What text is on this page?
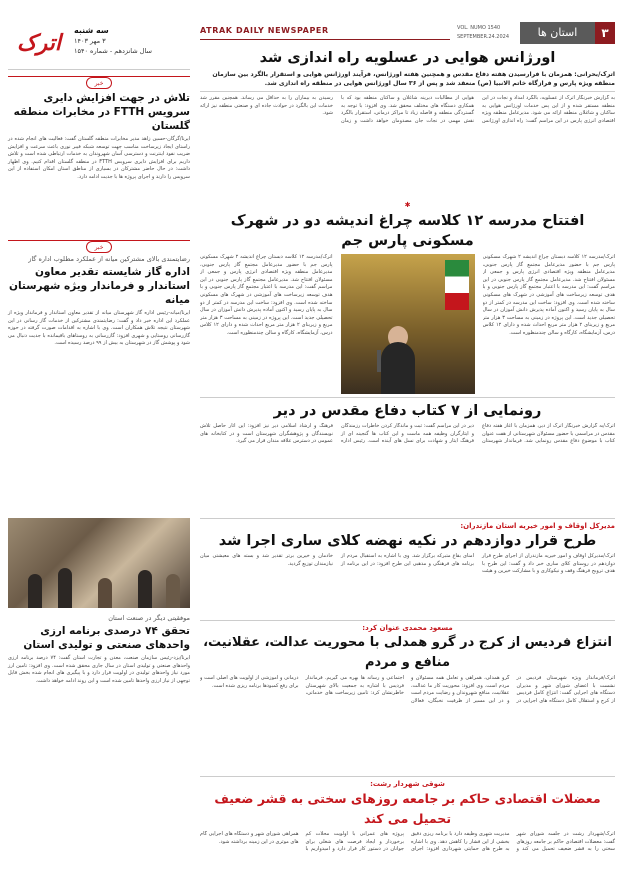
۳
استان ها
VOL. NUMO 1540
SEPTEMBER.24.2024
ATRAK DAILY NEWSPAPER
اترک	سه شنبه
۳ مهر ۱۴۰۳
سال شانزدهم - شماره ۱۵۴۰
خبر
تلاش در جهت افزایش دایری سرویس FTTH در مخابرات منطقه گلستان

ایرنا/گرگان-حسین زاهد مدیر مخابرات منطقه گلستان گفت: فعالیت های انجام شده در راستای ایجاد زیرساخت مناسب جهت توسعه شبکه فیبر نوری باعث سرعت و افزایش ضریب نفوذ اینترنت و دسترسی آسان شهروندان به خدمات ارتباطی شده است و تلاش داریم برای افزایش دایری سرویس FTTH در منطقه گلستان اقدام کنیم. وی اظهار داشت: در حال حاضر مشترکان در بسیاری از مناطق استان امکان استفاده از این سرویس را دارند و اجرای پروژه ها با جدیت ادامه دارد.

خبر
رضایتمندی بالای مشترکین میانه از عملکرد مطلوب اداره گاز
اداره گاز شایسته تقدیر معاون استاندار و فرماندار ویژه شهرستان میانه

ایرنا/میانه-رئیس اداره گاز شهرستان میانه از تقدیر معاون استاندار و فرماندار ویژه از عملکرد این اداره خبر داد و گفت: رضایتمندی مشترکین از خدمات گاز رسانی در این شهرستان نتیجه تلاش همکاران است. وی با اشاره به اقدامات صورت گرفته در حوزه گازرسانی روستایی و شهری افزود: گازرسانی به روستاهای باقیمانده با جدیت دنبال می شود و پوشش گاز در شهرستان به بیش از ۹۹ درصد رسیده است.

موفقیتی دیگر در صنعت استان
تحقق ۷۴ درصدی برنامه ارزی واحدهای صنعتی و تولیدی استان

ایرنا/یزد-رئیس سازمان صنعت، معدن و تجارت استان گفت: ۷۴ درصد برنامه ارزی واحدهای صنعتی و تولیدی استان در سال جاری محقق شده است. وی افزود: تامین ارز مورد نیاز واحدهای تولیدی در اولویت قرار دارد و با پیگیری های انجام شده بخش قابل توجهی از نیاز ارزی واحدها تامین شده است و این روند ادامه خواهد داشت.

اورژانس هوایی در عسلویه راه اندازی شد

اترک/بحرانی: همزمان با فرارسیدن هفته دفاع مقدس و همچنین هفته اورژانس، فرآیند اورژانس هوایی و استقرار بالگرد بین سازمان منطقه ویژه پارس و فرازگاه خاتم الانبیا (ص) منعقد شد و پس از ۳۶ سال اورژانس هوایی در منطقه راه اندازی شد.

به گزارش خبرنگار اترک از عسلویه، بالگرد امداد و نجات در این منطقه مستقر شده و از این پس خدمات اورژانس هوایی به ساکنان و شاغلان منطقه ارائه می شود. مدیرعامل منطقه ویژه اقتصادی انرژی پارس در این مراسم گفت: راه اندازی اورژانس هوایی از مطالبات دیرینه شاغلان و ساکنان منطقه بود که با همکاری دستگاه های مختلف محقق شد. وی افزود: با توجه به گستردگی منطقه و فاصله زیاد تا مراکز درمانی، استقرار بالگرد نقش مهمی در نجات جان مصدومان خواهد داشت و زمان رسیدن به بیماران را به حداقل می رساند. همچنین مقرر شد خدمات این بالگرد در حوادث جاده ای و صنعتی منطقه نیز ارائه شود.

✱
افتتاح مدرسه ۱۲ کلاسه چراغ اندیشه دو در شهرک مسکونی پارس جم

اترک/مدرسه ۱۲ کلاسه دبستان چراغ اندیشه ۲ شهرک مسکونی پارس جم با حضور مدیرعامل مجتمع گاز پارس جنوبی، مدیرعامل منطقه ویژه اقتصادی انرژی پارس و جمعی از مسئولان افتتاح شد. مدیرعامل مجتمع گاز پارس جنوبی در این مراسم گفت: این مدرسه با اعتبار مجتمع گاز پارس جنوبی و با هدف توسعه زیرساخت های آموزشی در شهرک های مسکونی ساخته شده است. وی افزود: ساخت این مدرسه در کمتر از دو سال به پایان رسید و اکنون آماده پذیرش دانش آموزان در سال تحصیلی جدید است. این پروژه در زمینی به مساحت ۳ هزار متر مربع و زیربنای ۲ هزار متر مربع احداث شده و دارای ۱۲ کلاس درس، آزمایشگاه، کارگاه و سالن چندمنظوره است.

اترک/مدرسه ۱۲ کلاسه دبستان چراغ اندیشه ۲ شهرک مسکونی پارس جم با حضور مدیرعامل مجتمع گاز پارس جنوبی، مدیرعامل منطقه ویژه اقتصادی انرژی پارس و جمعی از مسئولان افتتاح شد. مدیرعامل مجتمع گاز پارس جنوبی در این مراسم گفت: این مدرسه با اعتبار مجتمع گاز پارس جنوبی و با هدف توسعه زیرساخت های آموزشی در شهرک های مسکونی ساخته شده است. وی افزود: ساخت این مدرسه در کمتر از دو سال به پایان رسید و اکنون آماده پذیرش دانش آموزان در سال تحصیلی جدید است. این پروژه در زمینی به مساحت ۳ هزار متر مربع و زیربنای ۲ هزار متر مربع احداث شده و دارای ۱۲ کلاس درس، آزمایشگاه، کارگاه و سالن چندمنظوره است.

رونمایی از ۷ کتاب دفاع مقدس در دیر

اترک/به گزارش خبرنگار اترک از دیر، همزمان با آغاز هفته دفاع مقدس در مراسمی با حضور مسئولان شهرستانی از هفت عنوان کتاب با موضوع دفاع مقدس رونمایی شد. فرماندار شهرستان دیر در این مراسم گفت: ثبت و ماندگار کردن خاطرات رزمندگان و ایثارگران وظیفه همه ماست و این کتاب ها گنجینه ای از فرهنگ ایثار و شهادت برای نسل های آینده است. رئیس اداره فرهنگ و ارشاد اسلامی دیر نیز افزود: این آثار حاصل تلاش نویسندگان و پژوهشگران شهرستان است و در کتابخانه های عمومی در دسترس علاقه مندان قرار می گیرد.

مدیرکل اوقاف و امور خیریه استان مازندران:
طرح قرار دوازدهم در نکیه نهضه کلای ساری اجرا شد

اترک/مدیرکل اوقاف و امور خیریه مازندران از اجرای طرح قرار دوازدهم در روستای کلای ساری خبر داد و گفت: این طرح با هدف ترویج فرهنگ وقف و نیکوکاری و با مشارکت خیرین و هیئت امنای بقاع متبرکه برگزار شد. وی با اشاره به استقبال مردم از برنامه های فرهنگی و مذهبی این طرح افزود: در این برنامه از خادمان و خیرین برتر تقدیر شد و بسته های معیشتی میان نیازمندان توزیع گردید.

مسعود محمدی عنوان کرد:
انتزاع فردیس از کرج در گرو همدلی با محوریت عدالت، عقلانیت، منافع و مردم

اترک/فرماندار ویژه شهرستان فردیس در نشست با اعضای شورای شهر و مدیران دستگاه های اجرایی گفت: انتزاع کامل فردیس از کرج و استقلال کامل دستگاه های اجرایی در گرو همدلی، همراهی و تعامل همه مسئولان و مردم است. وی افزود: محوریت کار ما عدالت، عقلانیت، منافع شهروندان و رضایت مردم است و در این مسیر از ظرفیت نخبگان، فعالان اجتماعی و رسانه ها بهره می گیریم. فرماندار فردیس با اشاره به جمعیت بالای شهرستان خاطرنشان کرد: تامین زیرساخت های خدماتی، درمانی و آموزشی از اولویت های اصلی است و برای رفع کمبودها برنامه ریزی شده است.

شوقی شهردار رشت:
معضلات اقتصادی حاکم بر جامعه روزهای سختی به قشر ضعیف تحمیل می کند

اترک/شهردار رشت در جلسه شورای شهر گفت: معضلات اقتصادی حاکم بر جامعه روزهای سختی را به قشر ضعیف تحمیل می کند و مدیریت شهری وظیفه دارد با برنامه ریزی دقیق بخشی از این فشار را کاهش دهد. وی با اشاره به طرح های حمایتی شهرداری افزود: اجرای پروژه های عمرانی با اولویت محلات کم برخوردار و ایجاد فرصت های شغلی برای جوانان در دستور کار قرار دارد و امیدواریم با همراهی شورای شهر و دستگاه های اجرایی گام های موثری در این زمینه برداشته شود.
